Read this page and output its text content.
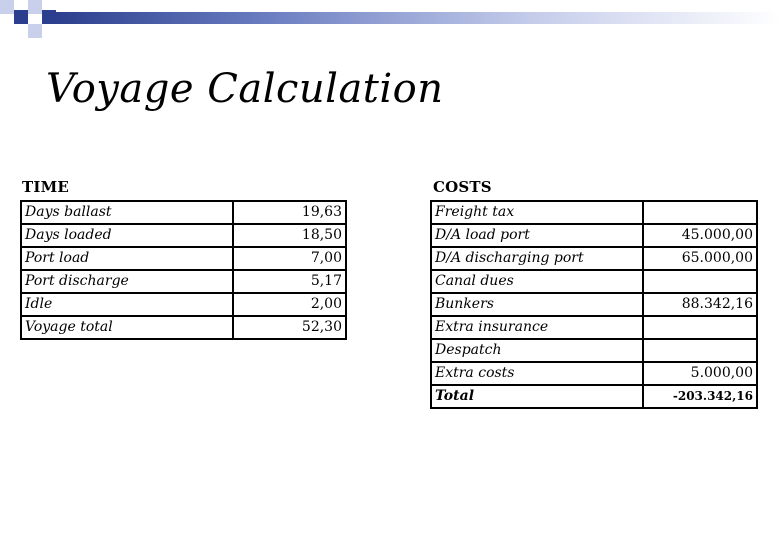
Voyage Calculation
TIME
Days ballast	19,63
Days loaded	18,50
Port load	7,00
Port discharge	5,17
Idle	2,00
Voyage total	52,30
COSTS
Freight tax	
D/A load port	45.000,00
D/A discharging port	65.000,00
Canal dues	
Bunkers	88.342,16
Extra insurance	
Despatch	
Extra costs	5.000,00
Total	-203.342,16
